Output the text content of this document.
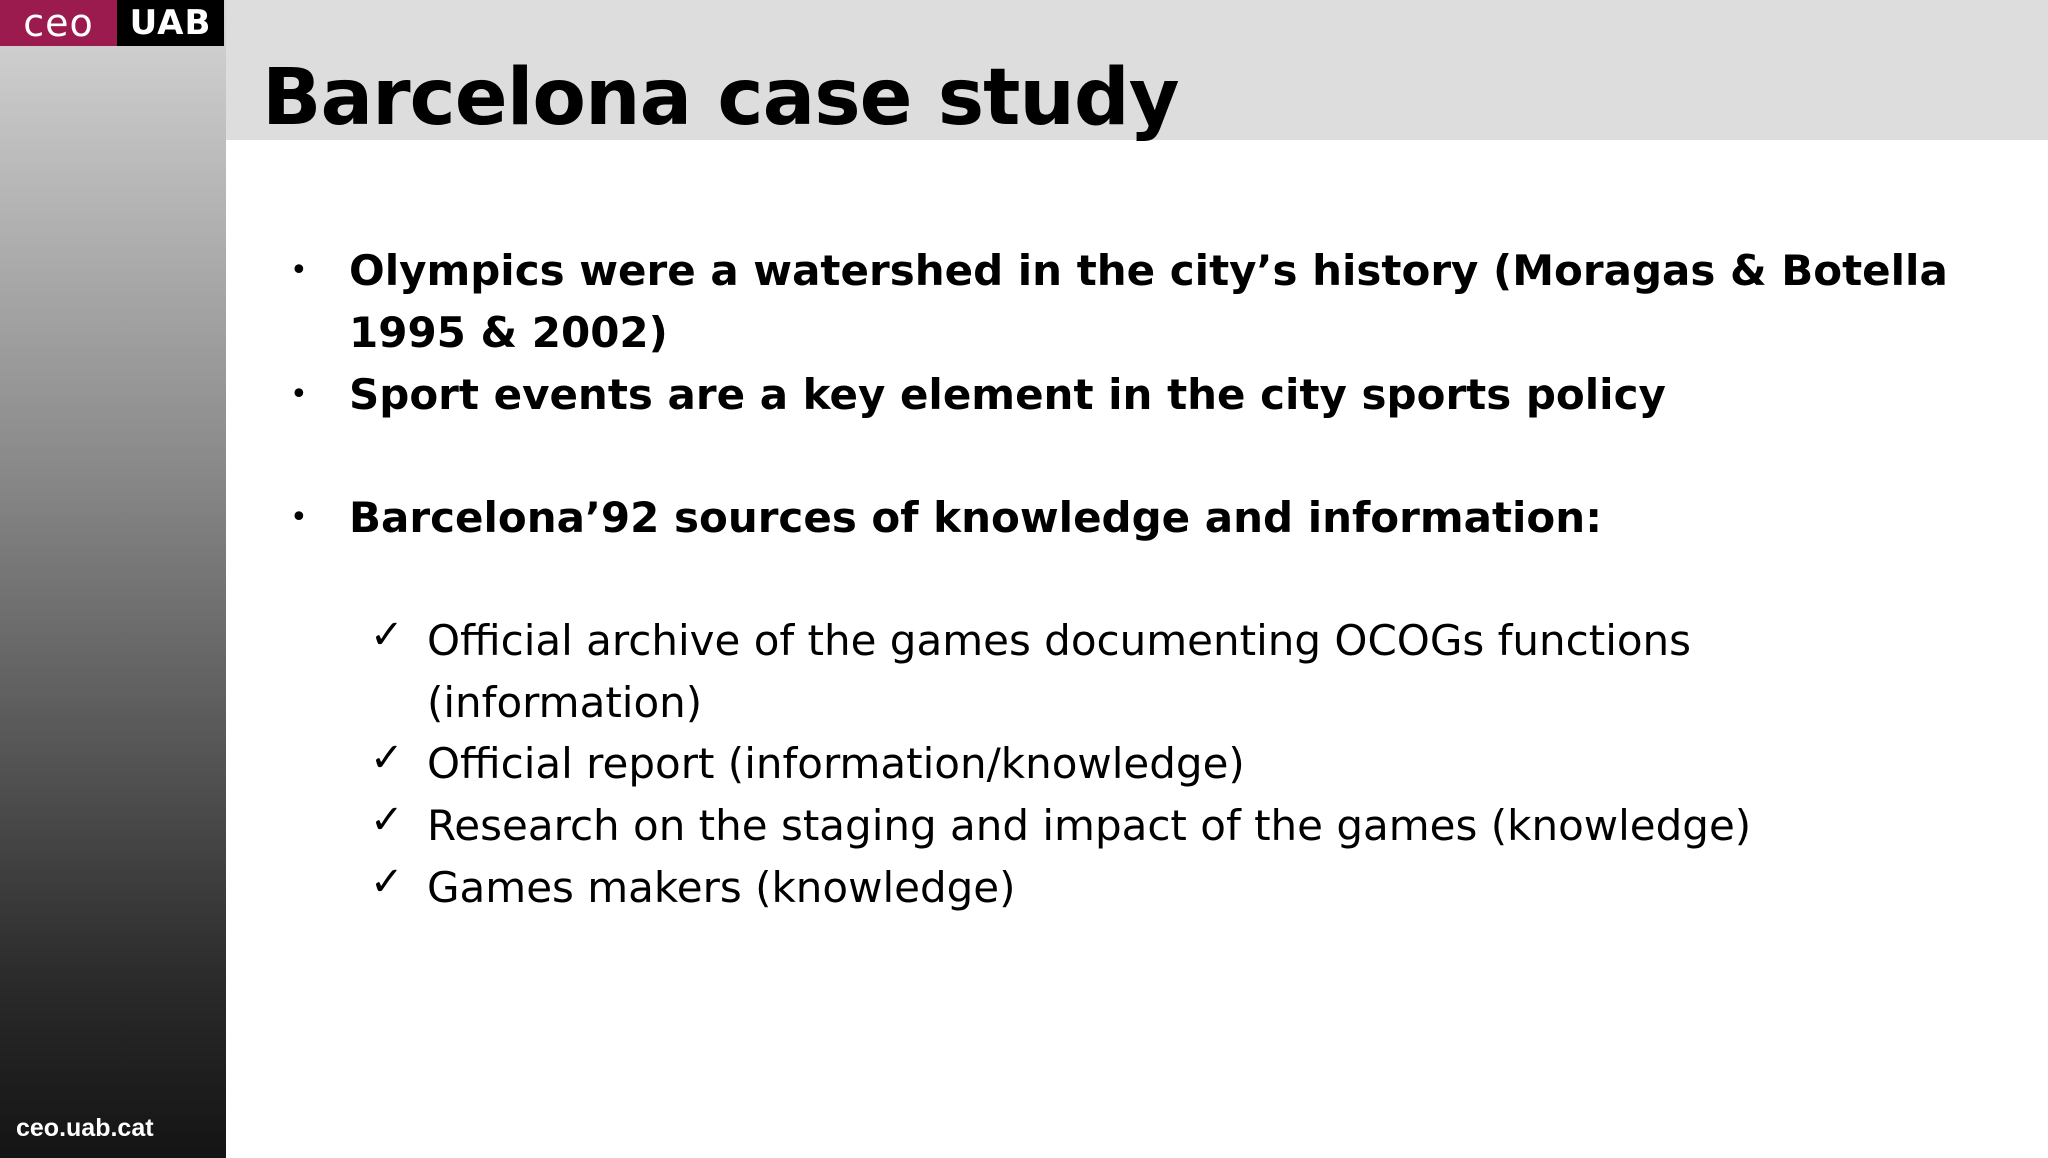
ceo	UAB
ceo.uab.cat
Barcelona case study
• Olympics were a watershed in the city’s history (Moragas & Botella 1995 & 2002)

• Sport events are a key element in the city sports policy

• Barcelona’92 sources of knowledge and information:

✓ Official archive of the games documenting OCOGs functions (information)

✓ Official report (information/knowledge)

✓ Research on the staging and impact of the games (knowledge)

✓ Games makers (knowledge)
